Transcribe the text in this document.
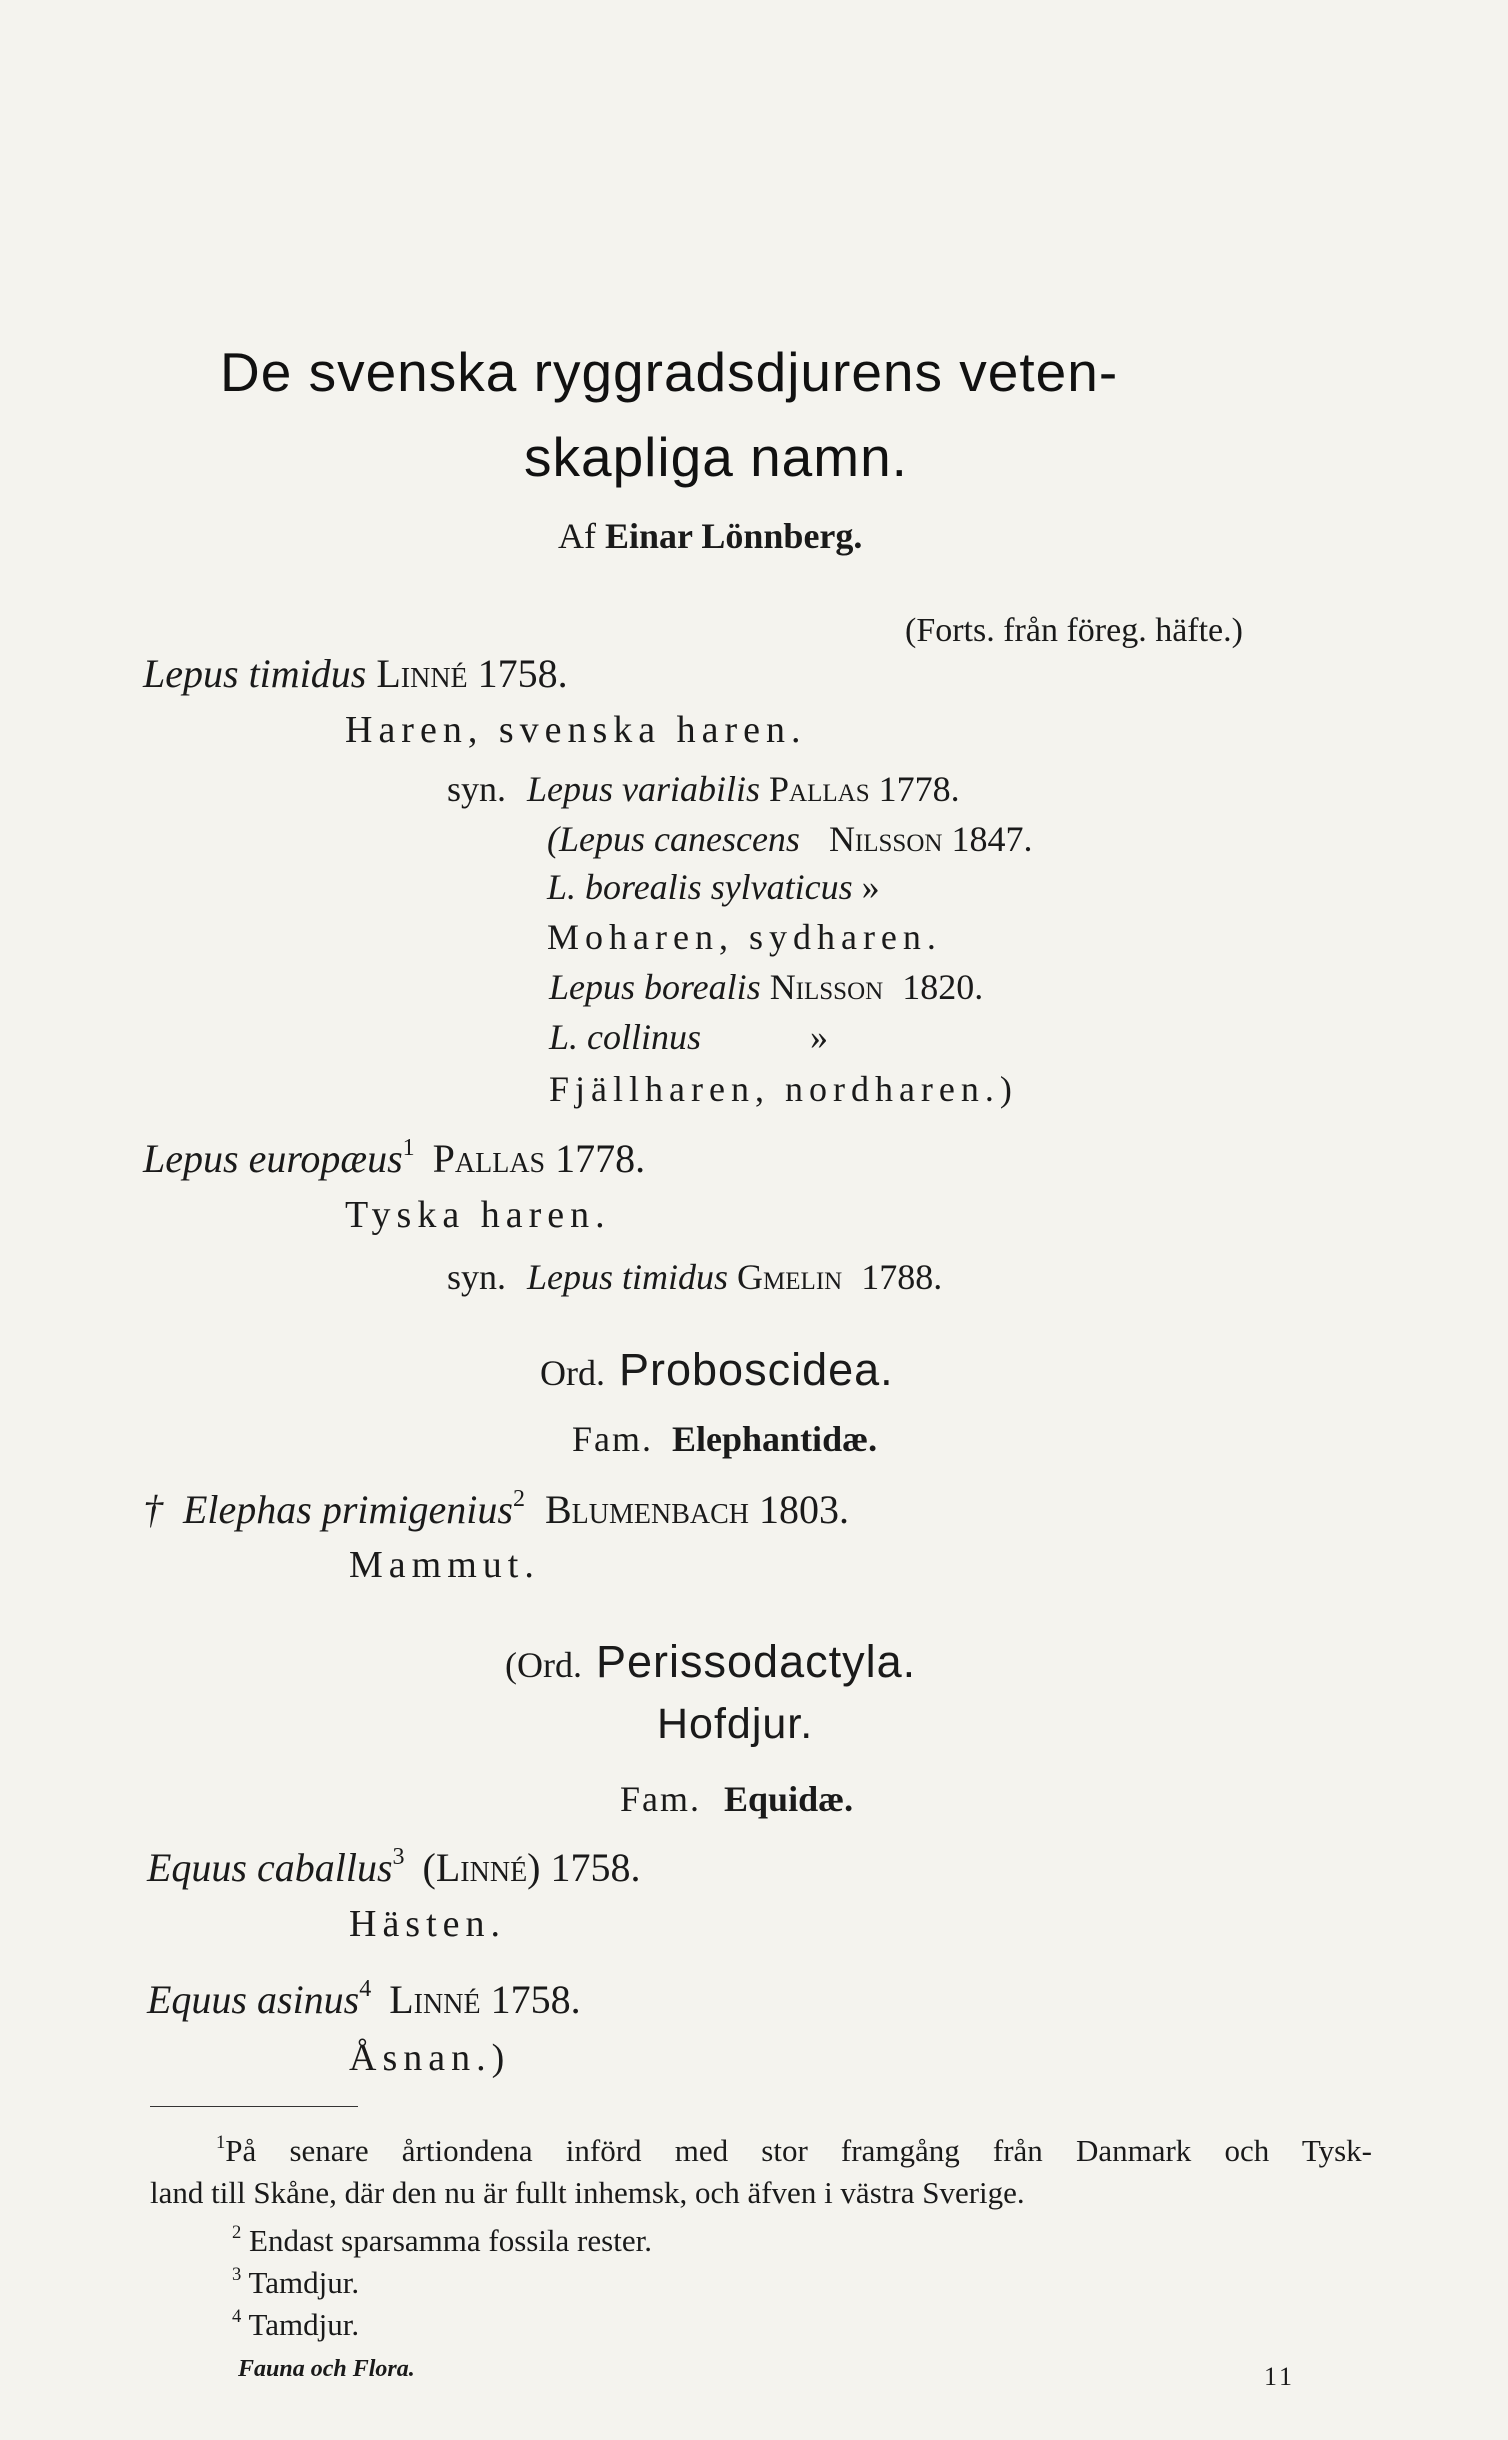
De svenska ryggradsdjurens veten-
skapliga namn.
Af Einar Lönnberg.
(Forts. från föreg. häfte.)
Lepus timidus Linné 1758.
Haren, svenska haren.
syn. Lepus variabilis Pallas 1778.
(Lepus canescens Nilsson 1847.
L. borealis sylvaticus »
Moharen, sydharen.
Lepus borealis Nilsson 1820.
L. collinus	»
Fjällharen, nordharen.)
Lepus europæus$^1$ Pallas 1778.
Tyska haren.
syn. Lepus timidus Gmelin 1788.
Ord. Proboscidea.
Fam. Elephantidæ.
† Elephas primigenius$^2$ Blumenbach 1803.
Mammut.
(Ord. Perissodactyla.
Hofdjur.
Fam. Equidæ.
Equus caballus$^3$ (Linné) 1758.
Hästen.
Equus asinus$^4$ Linné 1758.
Åsnan.)
$^1$På senare årtiondena införd med stor framgång från Danmark och Tysk-
land till Skåne, där den nu är fullt inhemsk, och äfven i västra Sverige.
$^2$ Endast sparsamma fossila rester.
$^3$ Tamdjur.
$^4$ Tamdjur.
Fauna och Flora.	11
